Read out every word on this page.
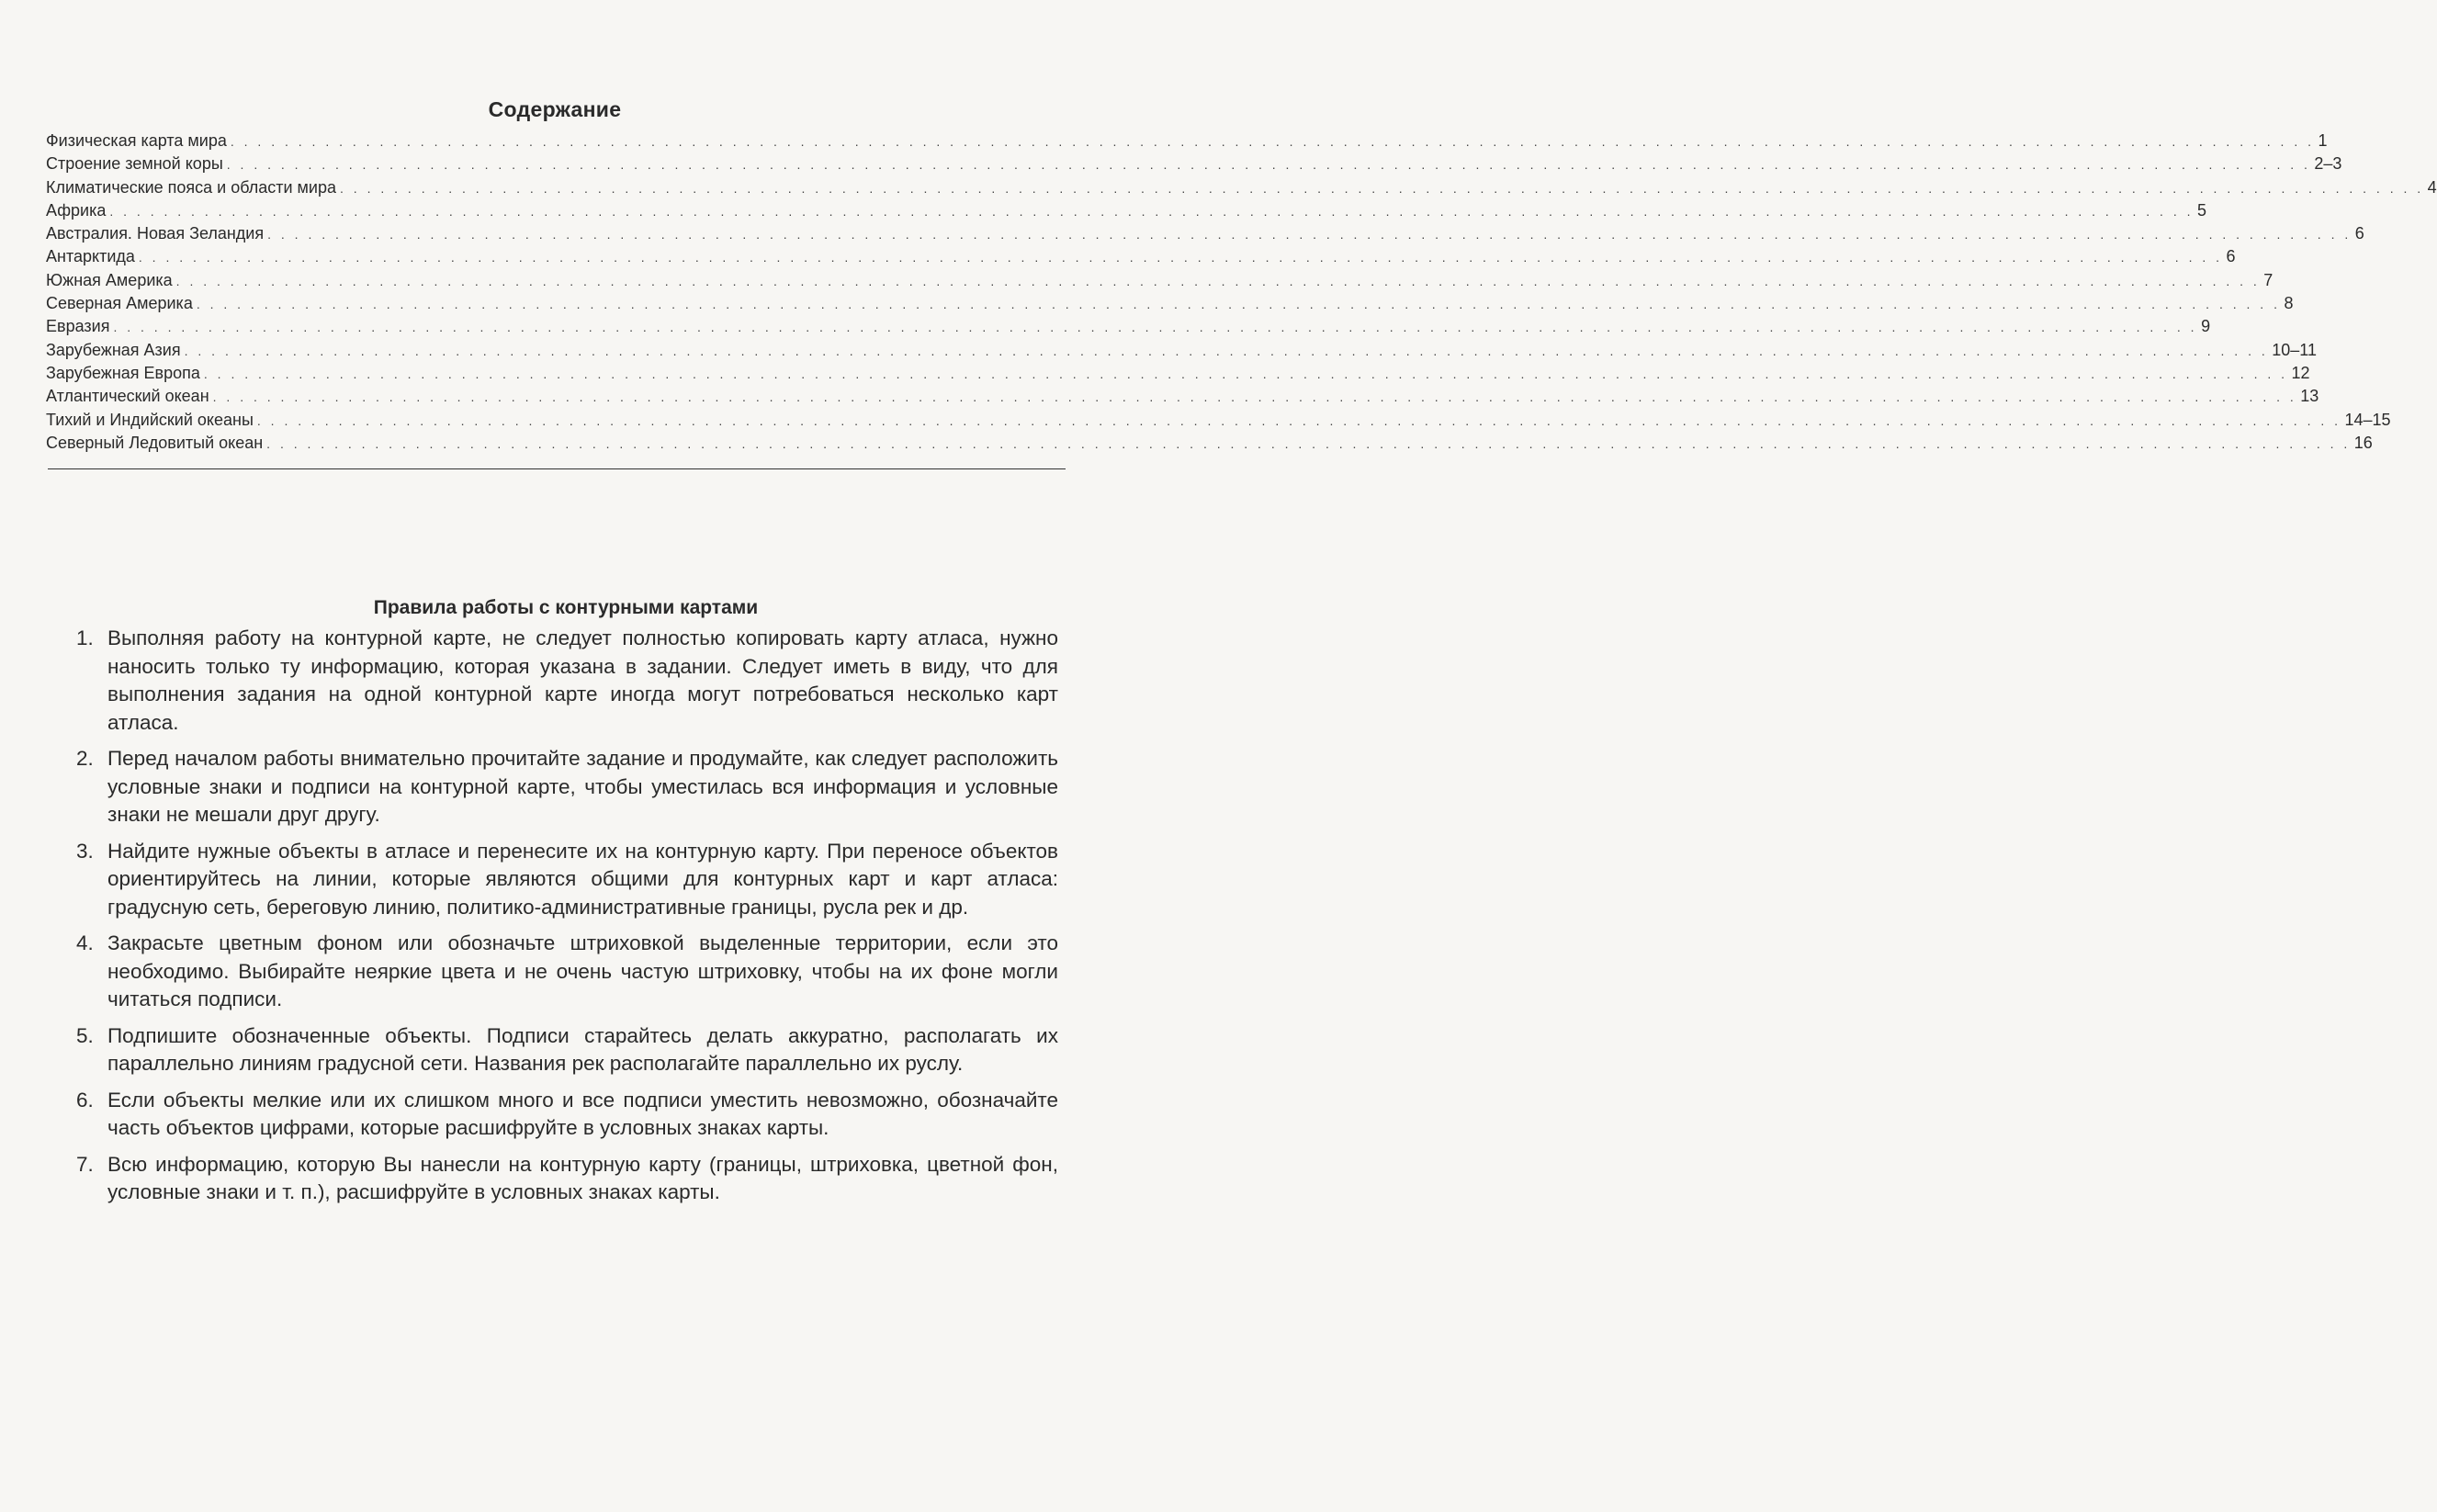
Содержание
Физическая карта мира . . . . . . . . . . . . . . . . . . . . . . . . . . . . . . . . . . . . . . . . . . . . . . . . . . . . . . . . . . . . . . . . . . . . . . . . . . . . . . . . . . . . . . . . . . . . . . . . . . . . . . . . . . . . . . . . . . . . . . . . . . . . . . . . . . . . . . . . . . . . . . . . . . . . . . . . . . 1
Строение земной коры . . . . . . . . . . . . . . . . . . . . . . . . . . . . . . . . . . . . . . . . . . . . . . . . . . . . . . . . . . . . . . . . . . . . . . . . . . . . . . . . . . . . . . . . . . . . . . . . . . . . . . . . . . . . . . . . . . . . . . . . . . . . . . . . . . . . . . . . . . . . . . . . . . . . . . . . . . 2–3
Климатические пояса и области мира . . . . . . . . . . . . . . . . . . . . . . . . . . . . . . . . . . . . . . . . . . . . . . . . . . . . . . . . . . . . . . . . . . . . . . . . . . . . . . . . . . . . . . . . . . . . . . . . . . . . . . . . . . . . . . . . . . . . . . . . . . . . . . . . . . . . . . . . . . . . . . . . . . . . . . . . . . 4
Африка . . . . . . . . . . . . . . . . . . . . . . . . . . . . . . . . . . . . . . . . . . . . . . . . . . . . . . . . . . . . . . . . . . . . . . . . . . . . . . . . . . . . . . . . . . . . . . . . . . . . . . . . . . . . . . . . . . . . . . . . . . . . . . . . . . . . . . . . . . . . . . . . . . . . . . . . . . 5
Австралия. Новая Зеландия . . . . . . . . . . . . . . . . . . . . . . . . . . . . . . . . . . . . . . . . . . . . . . . . . . . . . . . . . . . . . . . . . . . . . . . . . . . . . . . . . . . . . . . . . . . . . . . . . . . . . . . . . . . . . . . . . . . . . . . . . . . . . . . . . . . . . . . . . . . . . . . . . . . . . . . . . . 6
Антарктида . . . . . . . . . . . . . . . . . . . . . . . . . . . . . . . . . . . . . . . . . . . . . . . . . . . . . . . . . . . . . . . . . . . . . . . . . . . . . . . . . . . . . . . . . . . . . . . . . . . . . . . . . . . . . . . . . . . . . . . . . . . . . . . . . . . . . . . . . . . . . . . . . . . . . . . . . . 6
Южная Америка . . . . . . . . . . . . . . . . . . . . . . . . . . . . . . . . . . . . . . . . . . . . . . . . . . . . . . . . . . . . . . . . . . . . . . . . . . . . . . . . . . . . . . . . . . . . . . . . . . . . . . . . . . . . . . . . . . . . . . . . . . . . . . . . . . . . . . . . . . . . . . . . . . . . . . . . . . 7
Северная Америка . . . . . . . . . . . . . . . . . . . . . . . . . . . . . . . . . . . . . . . . . . . . . . . . . . . . . . . . . . . . . . . . . . . . . . . . . . . . . . . . . . . . . . . . . . . . . . . . . . . . . . . . . . . . . . . . . . . . . . . . . . . . . . . . . . . . . . . . . . . . . . . . . . . . . . . . . . 8
Евразия . . . . . . . . . . . . . . . . . . . . . . . . . . . . . . . . . . . . . . . . . . . . . . . . . . . . . . . . . . . . . . . . . . . . . . . . . . . . . . . . . . . . . . . . . . . . . . . . . . . . . . . . . . . . . . . . . . . . . . . . . . . . . . . . . . . . . . . . . . . . . . . . . . . . . . . . . . 9
Зарубежная Азия . . . . . . . . . . . . . . . . . . . . . . . . . . . . . . . . . . . . . . . . . . . . . . . . . . . . . . . . . . . . . . . . . . . . . . . . . . . . . . . . . . . . . . . . . . . . . . . . . . . . . . . . . . . . . . . . . . . . . . . . . . . . . . . . . . . . . . . . . . . . . . . . . . . . . . . . . . 10–11
Зарубежная Европа . . . . . . . . . . . . . . . . . . . . . . . . . . . . . . . . . . . . . . . . . . . . . . . . . . . . . . . . . . . . . . . . . . . . . . . . . . . . . . . . . . . . . . . . . . . . . . . . . . . . . . . . . . . . . . . . . . . . . . . . . . . . . . . . . . . . . . . . . . . . . . . . . . . . . . . . . . 12
Атлантический океан . . . . . . . . . . . . . . . . . . . . . . . . . . . . . . . . . . . . . . . . . . . . . . . . . . . . . . . . . . . . . . . . . . . . . . . . . . . . . . . . . . . . . . . . . . . . . . . . . . . . . . . . . . . . . . . . . . . . . . . . . . . . . . . . . . . . . . . . . . . . . . . . . . . . . . . . . . 13
Тихий и Индийский океаны . . . . . . . . . . . . . . . . . . . . . . . . . . . . . . . . . . . . . . . . . . . . . . . . . . . . . . . . . . . . . . . . . . . . . . . . . . . . . . . . . . . . . . . . . . . . . . . . . . . . . . . . . . . . . . . . . . . . . . . . . . . . . . . . . . . . . . . . . . . . . . . . . . . . . . . . . . 14–15
Северный Ледовитый океан . . . . . . . . . . . . . . . . . . . . . . . . . . . . . . . . . . . . . . . . . . . . . . . . . . . . . . . . . . . . . . . . . . . . . . . . . . . . . . . . . . . . . . . . . . . . . . . . . . . . . . . . . . . . . . . . . . . . . . . . . . . . . . . . . . . . . . . . . . . . . . . . . . . . . . . . . . 16
Правила работы с контурными картами
1. Выполняя работу на контурной карте, не следует полностью копировать карту атласа, нужно наносить только ту информацию, которая указана в задании. Следует иметь в виду, что для выполнения задания на одной контурной карте иногда могут потребоваться несколько карт атласа.
2. Перед началом работы внимательно прочитайте задание и продумайте, как следует расположить условные знаки и подписи на контурной карте, чтобы уместилась вся информация и условные знаки не мешали друг другу.
3. Найдите нужные объекты в атласе и перенесите их на контурную карту. При переносе объектов ориентируйтесь на линии, которые являются общими для контурных карт и карт атласа: градусную сеть, береговую линию, политико-административные границы, русла рек и др.
4. Закрасьте цветным фоном или обозначьте штриховкой выделенные территории, если это необходимо. Выбирайте неяркие цвета и не очень частую штриховку, чтобы на их фоне могли читаться подписи.
5. Подпишите обозначенные объекты. Подписи старайтесь делать аккуратно, располагать их параллельно линиям градусной сети. Названия рек располагайте параллельно их руслу.
6. Если объекты мелкие или их слишком много и все подписи уместить невозможно, обозначайте часть объектов цифрами, которые расшифруйте в условных знаках карты.
7. Всю информацию, которую Вы нанесли на контурную карту (границы, штриховка, цветной фон, условные знаки и т. п.), расшифруйте в условных знаках карты.
